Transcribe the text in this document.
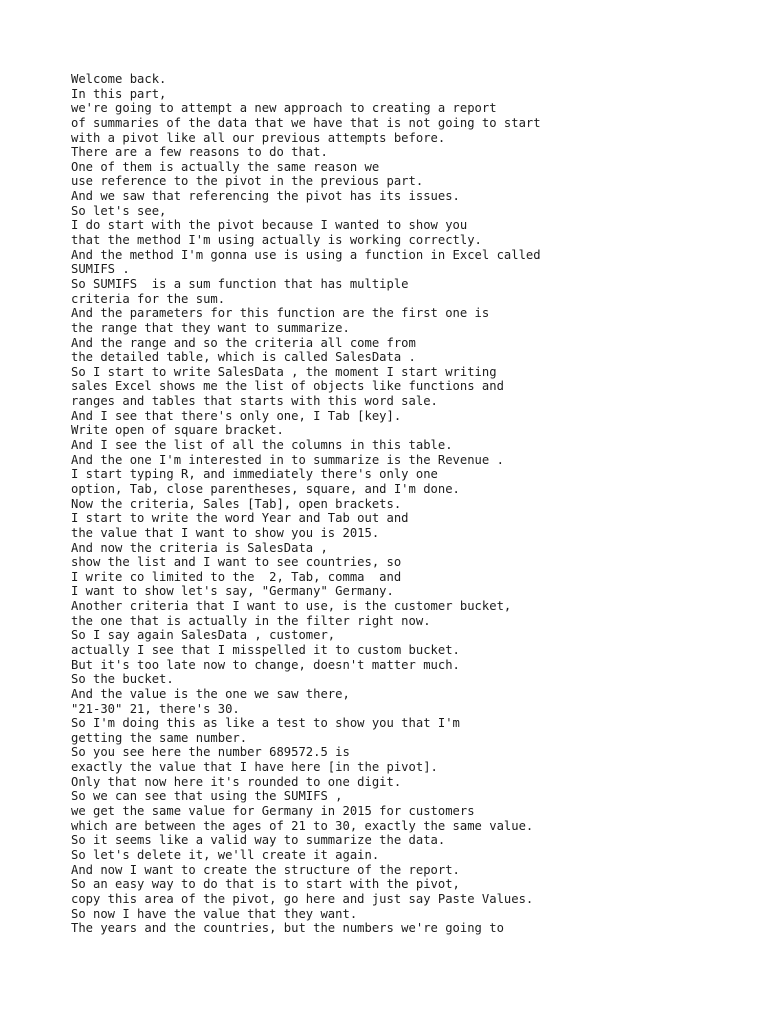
Welcome back.
In this part,
we're going to attempt a new approach to creating a report
of summaries of the data that we have that is not going to start
with a pivot like all our previous attempts before.
There are a few reasons to do that.
One of them is actually the same reason we
use reference to the pivot in the previous part.
And we saw that referencing the pivot has its issues.
So let's see,
I do start with the pivot because I wanted to show you
that the method I'm using actually is working correctly.
And the method I'm gonna use is using a function in Excel called
SUMIFS .
So SUMIFS  is a sum function that has multiple
criteria for the sum.
And the parameters for this function are the first one is
the range that they want to summarize.
And the range and so the criteria all come from
the detailed table, which is called SalesData .
So I start to write SalesData , the moment I start writing
sales Excel shows me the list of objects like functions and
ranges and tables that starts with this word sale.
And I see that there's only one, I Tab [key].
Write open of square bracket.
And I see the list of all the columns in this table.
And the one I'm interested in to summarize is the Revenue .
I start typing R, and immediately there's only one
option, Tab, close parentheses, square, and I'm done.
Now the criteria, Sales [Tab], open brackets.
I start to write the word Year and Tab out and
the value that I want to show you is 2015.
And now the criteria is SalesData ,
show the list and I want to see countries, so
I write co limited to the  2, Tab, comma  and
I want to show let's say, "Germany" Germany.
Another criteria that I want to use, is the customer bucket,
the one that is actually in the filter right now.
So I say again SalesData , customer,
actually I see that I misspelled it to custom bucket.
But it's too late now to change, doesn't matter much.
So the bucket.
And the value is the one we saw there,
"21-30" 21, there's 30.
So I'm doing this as like a test to show you that I'm
getting the same number.
So you see here the number 689572.5 is
exactly the value that I have here [in the pivot].
Only that now here it's rounded to one digit.
So we can see that using the SUMIFS ,
we get the same value for Germany in 2015 for customers
which are between the ages of 21 to 30, exactly the same value.
So it seems like a valid way to summarize the data.
So let's delete it, we'll create it again.
And now I want to create the structure of the report.
So an easy way to do that is to start with the pivot,
copy this area of the pivot, go here and just say Paste Values.
So now I have the value that they want.
The years and the countries, but the numbers we're going to
